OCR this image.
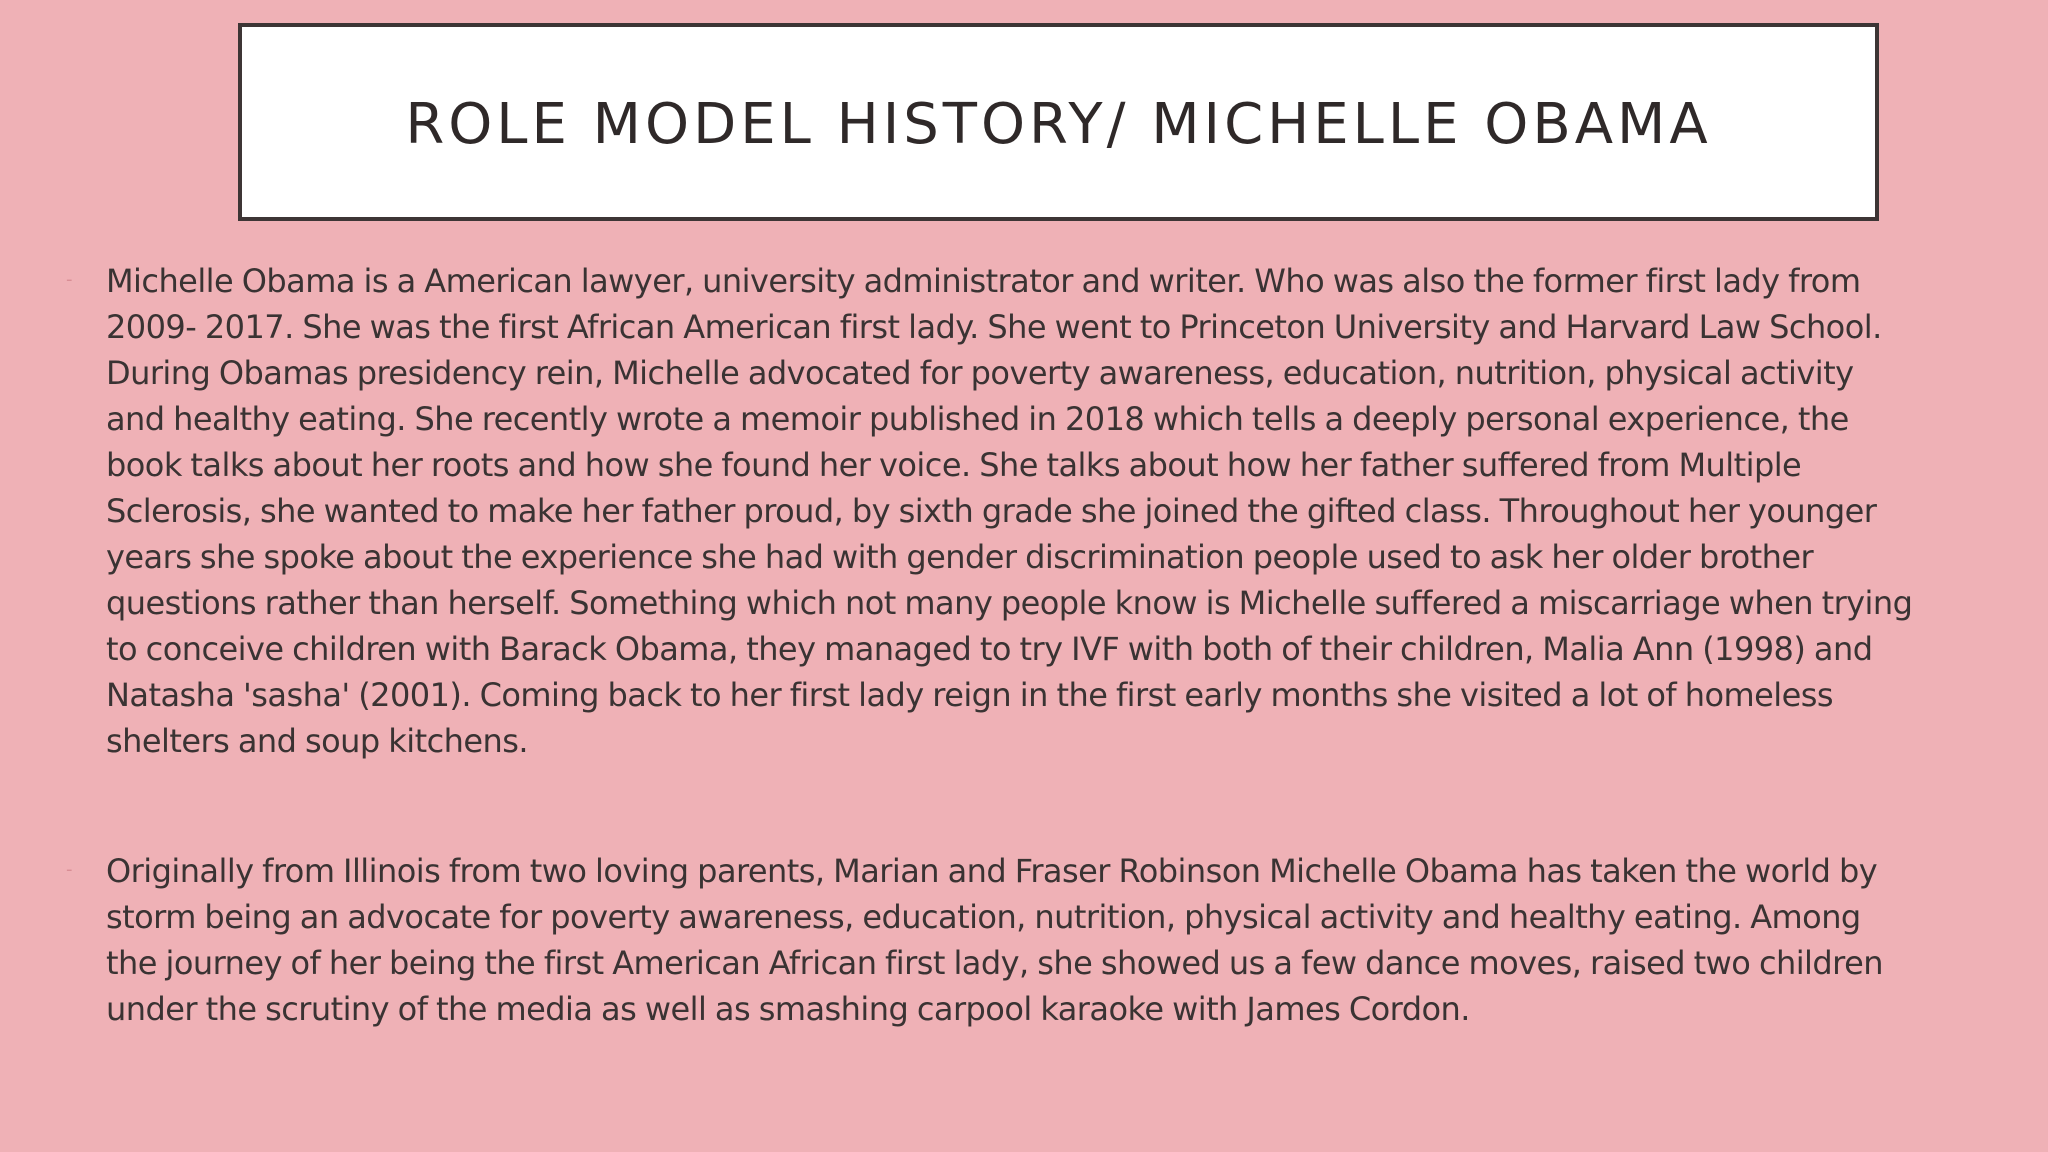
ROLE MODEL HISTORY/ MICHELLE OBAMA
- Michelle Obama is a American lawyer, university administrator and writer. Who was also the former first lady from 2009- 2017. She was the first African American first lady. She went to Princeton University and Harvard Law School. During Obamas presidency rein, Michelle advocated for poverty awareness, education, nutrition, physical activity and healthy eating. She recently wrote a memoir published in 2018 which tells a deeply personal experience, the book talks about her roots and how she found her voice. She talks about how her father suffered from Multiple Sclerosis, she wanted to make her father proud, by sixth grade she joined the gifted class. Throughout her younger years she spoke about the experience she had with gender discrimination people used to ask her older brother questions rather than herself. Something which not many people know is Michelle suffered a miscarriage when trying to conceive children with Barack Obama, they managed to try IVF with both of their children, Malia Ann (1998) and Natasha 'sasha' (2001). Coming back to her first lady reign in the first early months she visited a lot of homeless shelters and soup kitchens.
- Originally from Illinois from two loving parents, Marian and Fraser Robinson Michelle Obama has taken the world by storm being an advocate for poverty awareness, education, nutrition, physical activity and healthy eating. Among the journey of her being the first American African first lady, she showed us a few dance moves, raised two children under the scrutiny of the media as well as smashing carpool karaoke with James Cordon.
